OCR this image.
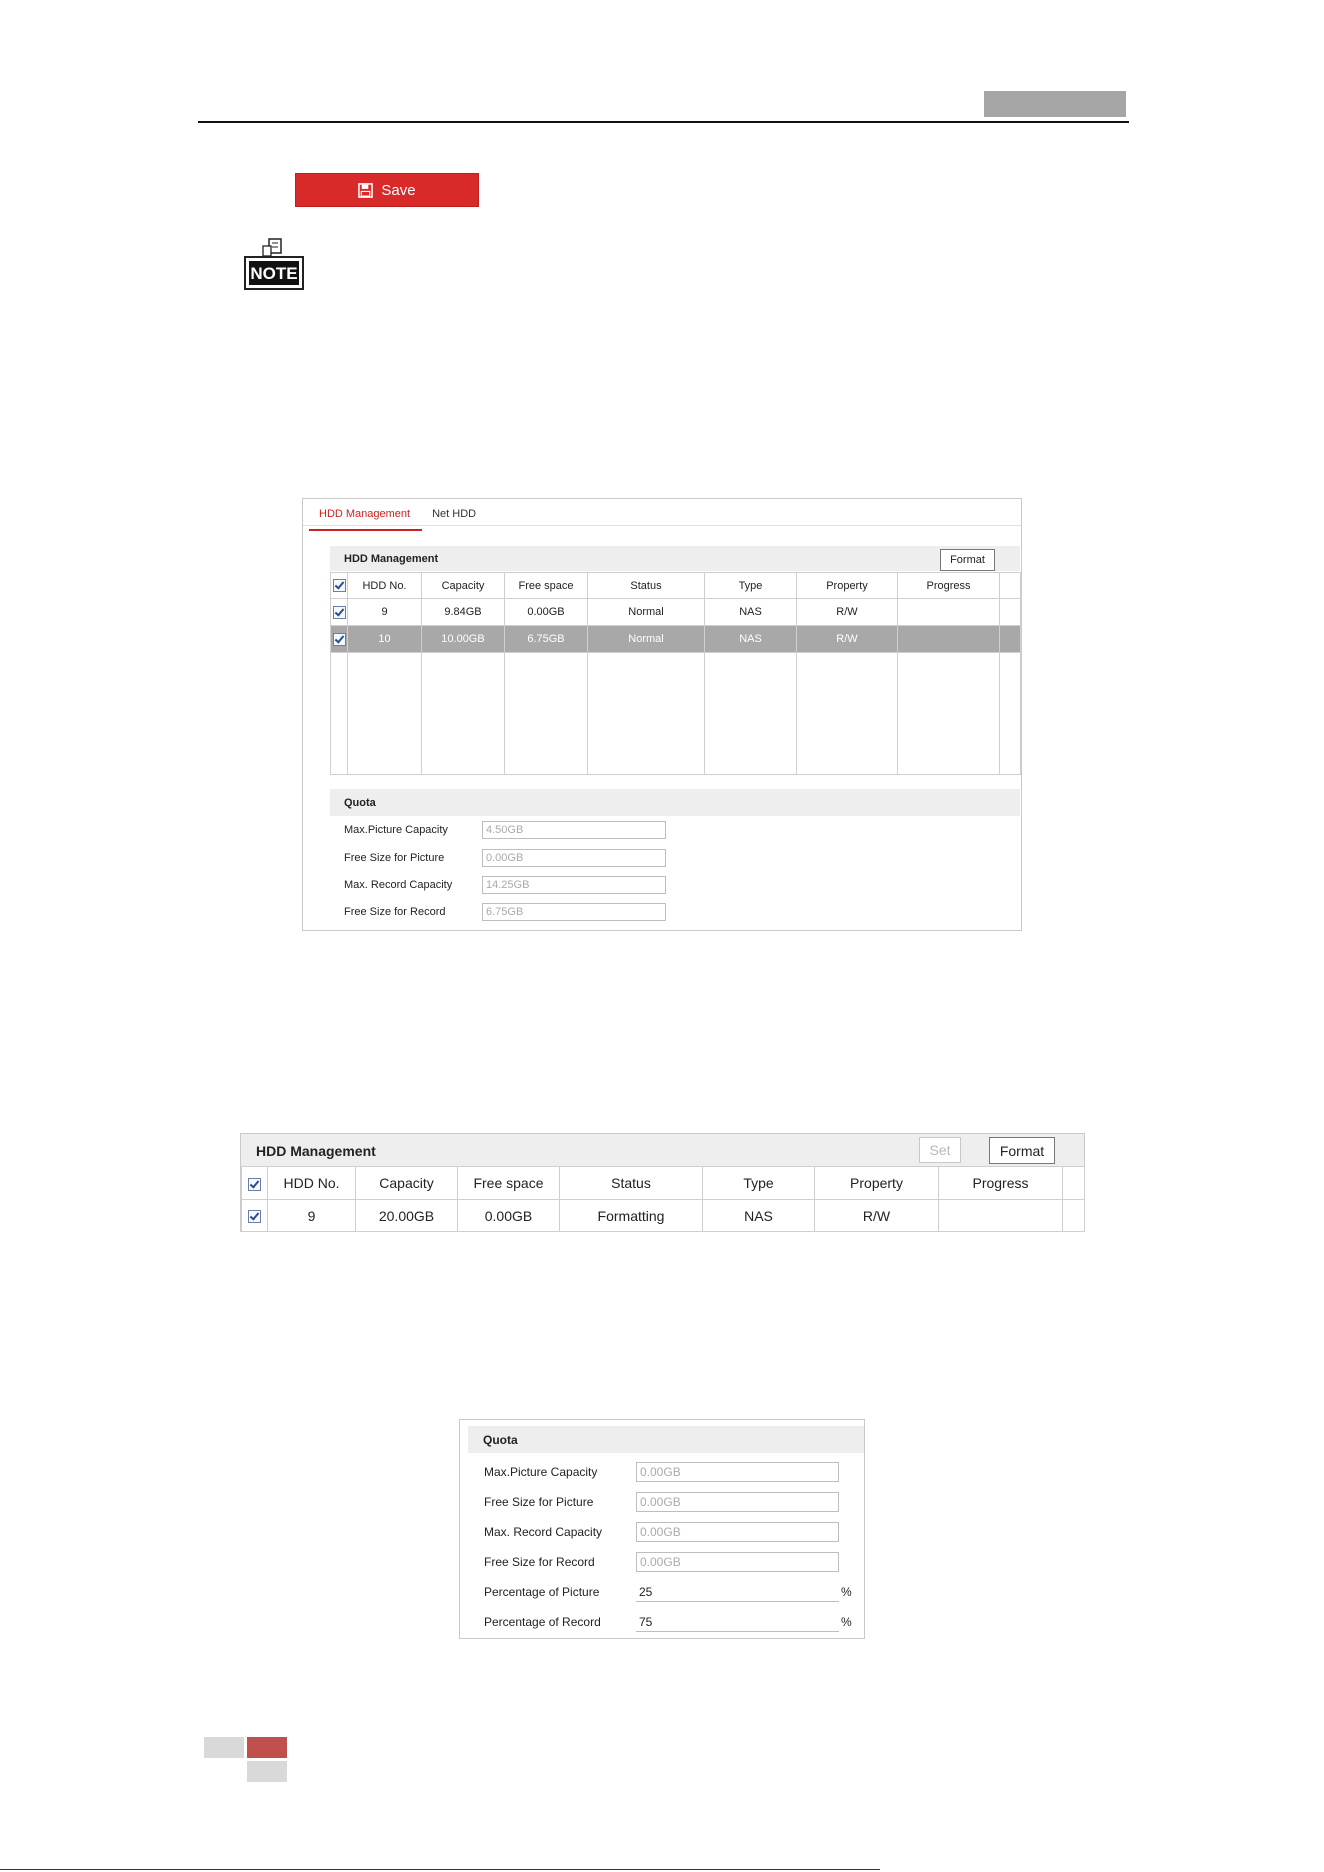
Save
NOTE
HDD Management	Net HDD
HDD Management	Format
	HDD No.	Capacity	Free space	Status	Type	Property	Progress	
	9	9.84GB	0.00GB	Normal	NAS	R/W		
	10	10.00GB	6.75GB	Normal	NAS	R/W		

Quota
Max.Picture Capacity	4.50GB
Free Size for Picture	0.00GB
Max. Record Capacity	14.25GB
Free Size for Record	6.75GB
HDD Management	Set	Format
	HDD No.	Capacity	Free space	Status	Type	Property	Progress	
	9	20.00GB	0.00GB	Formatting	NAS	R/W		
Quota
Max.Picture Capacity	0.00GB
Free Size for Picture	0.00GB
Max. Record Capacity	0.00GB
Free Size for Record	0.00GB
Percentage of Picture	25	%
Percentage of Record	75	%
